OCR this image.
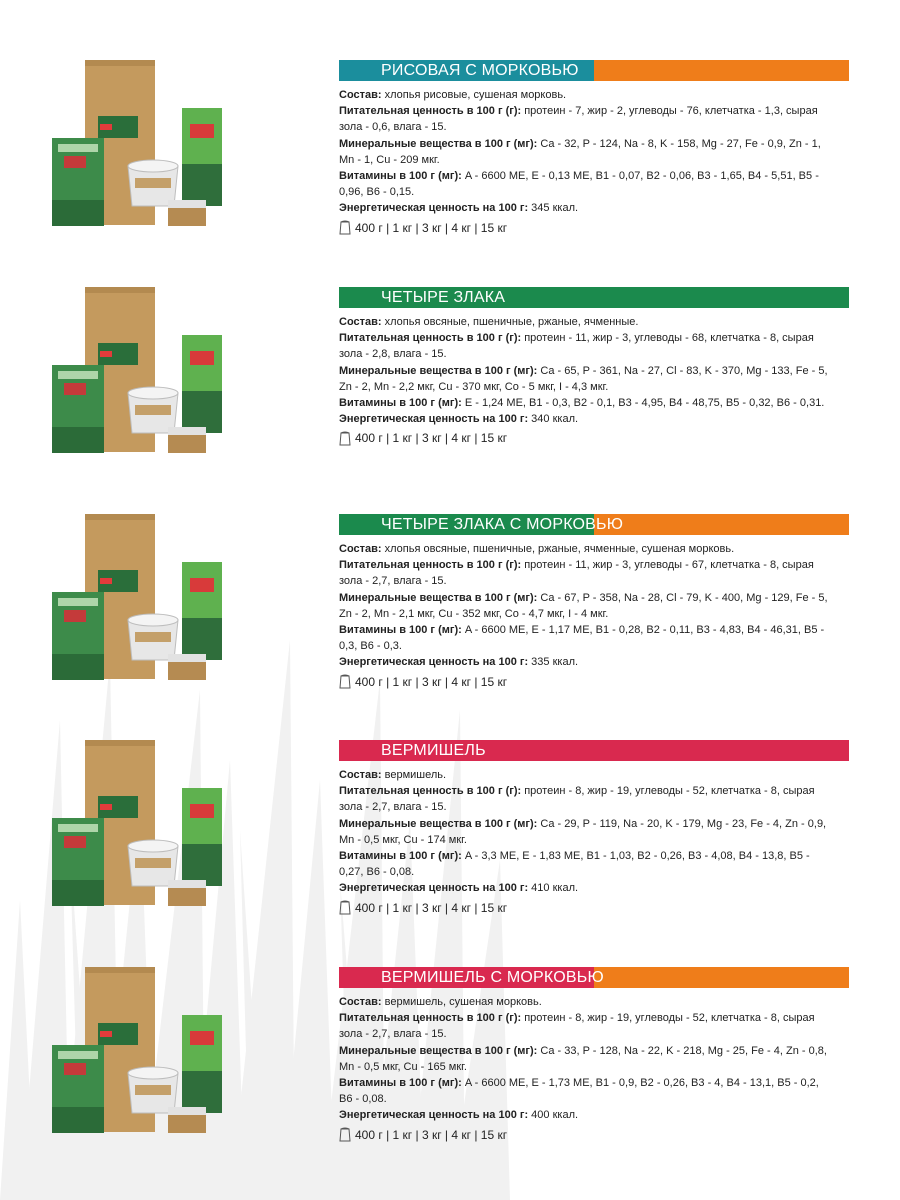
РИСОВАЯ С МОРКОВЬЮ
Состав: хлопья рисовые, сушеная морковь.
Питательная ценность в 100 г (г): протеин - 7, жир - 2, углеводы - 76, клетчатка - 1,3, сырая
зола - 0,6, влага - 15.
Минеральные вещества в 100 г (мг): Ca - 32, P - 124, Na - 8, K - 158, Mg - 27, Fe - 0,9, Zn - 1,
Mn - 1, Cu - 209 мкг.
Витамины в 100 г (мг): A - 6600 ME, E - 0,13 ME, B1 - 0,07, B2 - 0,06, B3 - 1,65, B4 - 5,51, B5 -
0,96, B6 - 0,15.
Энергетическая ценность на 100 г: 345 ккал.
400 г | 1 кг | 3 кг | 4 кг | 15 кг
ЧЕТЫРЕ ЗЛАКА
Состав: хлопья овсяные, пшеничные, ржаные, ячменные.
Питательная ценность в 100 г (г): протеин - 11, жир - 3, углеводы - 68, клетчатка - 8, сырая
зола - 2,8, влага - 15.
Минеральные вещества в 100 г (мг): Ca - 65, P - 361, Na - 27, Cl - 83, K - 370, Mg - 133, Fe - 5,
Zn - 2, Mn - 2,2 мкг, Cu - 370 мкг, Co - 5 мкг, I - 4,3 мкг.
Витамины в 100 г (мг): E - 1,24 ME, B1 - 0,3, B2 - 0,1, B3 - 4,95, B4 - 48,75, B5 - 0,32, B6 - 0,31.
Энергетическая ценность на 100 г: 340 ккал.
400 г | 1 кг | 3 кг | 4 кг | 15 кг
ЧЕТЫРЕ ЗЛАКА С МОРКОВЬЮ
Состав: хлопья овсяные, пшеничные, ржаные, ячменные, сушеная морковь.
Питательная ценность в 100 г (г): протеин - 11, жир - 3, углеводы - 67, клетчатка - 8, сырая
зола - 2,7, влага - 15.
Минеральные вещества в 100 г (мг): Ca - 67, P - 358, Na - 28, Cl - 79, K - 400, Mg - 129, Fe - 5,
Zn - 2, Mn - 2,1 мкг, Cu - 352 мкг, Co - 4,7 мкг, I - 4 мкг.
Витамины в 100 г (мг): A - 6600 ME, E - 1,17 ME, B1 - 0,28, B2 - 0,11, B3 - 4,83, B4 - 46,31, B5 -
0,3, B6 - 0,3.
Энергетическая ценность на 100 г: 335 ккал.
400 г | 1 кг | 3 кг | 4 кг | 15 кг
ВЕРМИШЕЛЬ
Состав: вермишель.
Питательная ценность в 100 г (г): протеин - 8, жир - 19, углеводы - 52, клетчатка - 8, сырая
зола - 2,7, влага - 15.
Минеральные вещества в 100 г (мг): Ca - 29, P - 119, Na - 20, K - 179, Mg - 23, Fe - 4, Zn - 0,9,
Mn - 0,5 мкг, Cu - 174 мкг.
Витамины в 100 г (мг): A - 3,3 ME, E - 1,83 ME, B1 - 1,03, B2 - 0,26, B3 - 4,08, B4 - 13,8, B5 -
0,27, B6 - 0,08.
Энергетическая ценность на 100 г: 410 ккал.
400 г | 1 кг | 3 кг | 4 кг | 15 кг
ВЕРМИШЕЛЬ С МОРКОВЬЮ
Состав: вермишель, сушеная морковь.
Питательная ценность в 100 г (г): протеин - 8, жир - 19, углеводы - 52, клетчатка - 8, сырая
зола - 2,7, влага - 15.
Минеральные вещества в 100 г (мг): Ca - 33, P - 128, Na - 22, K - 218, Mg - 25, Fe - 4, Zn - 0,8,
Mn - 0,5 мкг, Cu - 165 мкг.
Витамины в 100 г (мг): A - 6600 ME, E - 1,73 ME, B1 - 0,9, B2 - 0,26, B3 - 4, B4 - 13,1, B5 - 0,2,
B6 - 0,08.
Энергетическая ценность на 100 г: 400 ккал.
400 г | 1 кг | 3 кг | 4 кг | 15 кг
